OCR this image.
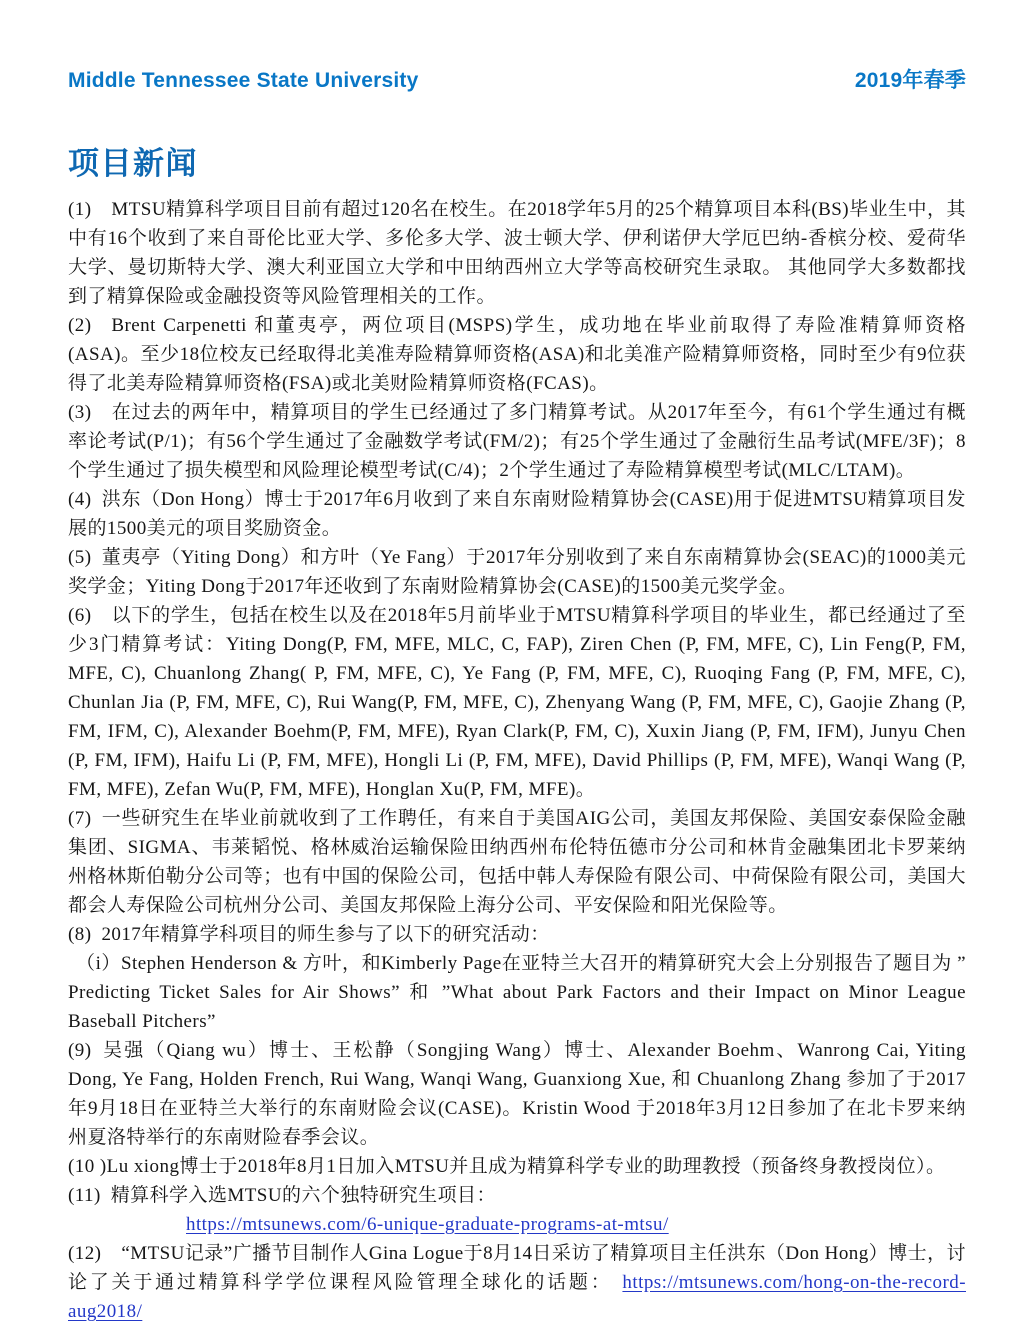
Middle Tennessee State University	2019年春季
项目新闻

(1)  MTSU精算科学项目目前有超过120名在校生。在2018学年5月的25个精算项目本科(BS)毕业生中，其中有16个收到了来自哥伦比亚大学、多伦多大学、波士顿大学、伊利诺伊大学厄巴纳-香槟分校、爱荷华大学、曼切斯特大学、澳大利亚国立大学和中田纳西州立大学等高校研究生录取。 其他同学大多数都找到了精算保险或金融投资等风险管理相关的工作。

(2)  Brent Carpenetti 和董夷亭，两位项目(MSPS)学生，成功地在毕业前取得了寿险准精算师资格(ASA)。至少18位校友已经取得北美准寿险精算师资格(ASA)和北美准产险精算师资格，同时至少有9位获得了北美寿险精算师资格(FSA)或北美财险精算师资格(FCAS)。

(3)  在过去的两年中，精算项目的学生已经通过了多门精算考试。从2017年至今，有61个学生通过有概率论考试(P/1)；有56个学生通过了金融数学考试(FM/2)；有25个学生通过了金融衍生品考试(MFE/3F)；8个学生通过了损失模型和风险理论模型考试(C/4)；2个学生通过了寿险精算模型考试(MLC/LTAM)。

(4) 洪东（Don Hong）博士于2017年6月收到了来自东南财险精算协会(CASE)用于促进MTSU精算项目发展的1500美元的项目奖励资金。

(5) 董夷亭（Yiting Dong）和方叶（Ye Fang）于2017年分别收到了来自东南精算协会(SEAC)的1000美元奖学金；Yiting Dong于2017年还收到了东南财险精算协会(CASE)的1500美元奖学金。

(6)  以下的学生，包括在校生以及在2018年5月前毕业于MTSU精算科学项目的毕业生，都已经通过了至少3门精算考试：Yiting Dong(P, FM, MFE, MLC, C, FAP), Ziren Chen (P, FM, MFE, C), Lin Feng(P, FM, MFE, C), Chuanlong Zhang( P, FM, MFE, C), Ye Fang (P, FM, MFE, C), Ruoqing Fang (P, FM, MFE, C), Chunlan Jia (P, FM, MFE, C), Rui Wang(P, FM, MFE, C), Zhenyang Wang (P, FM, MFE, C), Gaojie Zhang (P, FM, IFM, C), Alexander Boehm(P, FM, MFE), Ryan Clark(P, FM, C), Xuxin Jiang (P, FM, IFM), Junyu Chen (P, FM, IFM), Haifu Li (P, FM, MFE), Hongli Li (P, FM, MFE), David Phillips (P, FM, MFE), Wanqi Wang (P, FM, MFE), Zefan Wu(P, FM, MFE), Honglan Xu(P, FM, MFE)。

(7) 一些研究生在毕业前就收到了工作聘任，有来自于美国AIG公司，美国友邦保险、美国安泰保险金融集团、SIGMA、韦莱韬悦、格林威治运输保险田纳西州布伦特伍德市分公司和林肯金融集团北卡罗莱纳州格林斯伯勒分公司等；也有中国的保险公司，包括中韩人寿保险有限公司、中荷保险有限公司，美国大都会人寿保险公司杭州分公司、美国友邦保险上海分公司、平安保险和阳光保险等。

(8) 2017年精算学科项目的师生参与了以下的研究活动：

（i）Stephen Henderson & 方叶，和Kimberly Page在亚特兰大召开的精算研究大会上分别报告了题目为 ”Predicting Ticket Sales for Air Shows” 和 ”What about Park Factors and their Impact on Minor League Baseball Pitchers”

(9) 吴强（Qiang wu）博士、王松静（Songjing Wang）博士、Alexander Boehm、Wanrong Cai, Yiting Dong, Ye Fang, Holden French, Rui Wang, Wanqi Wang, Guanxiong Xue, 和 Chuanlong Zhang 参加了于2017年9月18日在亚特兰大举行的东南财险会议(CASE)。Kristin Wood 于2018年3月12日参加了在北卡罗来纳州夏洛特举行的东南财险春季会议。

(10 )Lu xiong博士于2018年8月1日加入MTSU并且成为精算科学专业的助理教授（预备终身教授岗位）。

(11) 精算科学入选MTSU的六个独特研究生项目：

https://mtsunews.com/6-unique-graduate-programs-at-mtsu/

(12)  “MTSU记录”广播节目制作人Gina Logue于8月14日采访了精算项目主任洪东（Don Hong）博士，讨论了关于通过精算科学学位课程风险管理全球化的话题： https://mtsunews.com/hong-on-the-record-aug2018/
